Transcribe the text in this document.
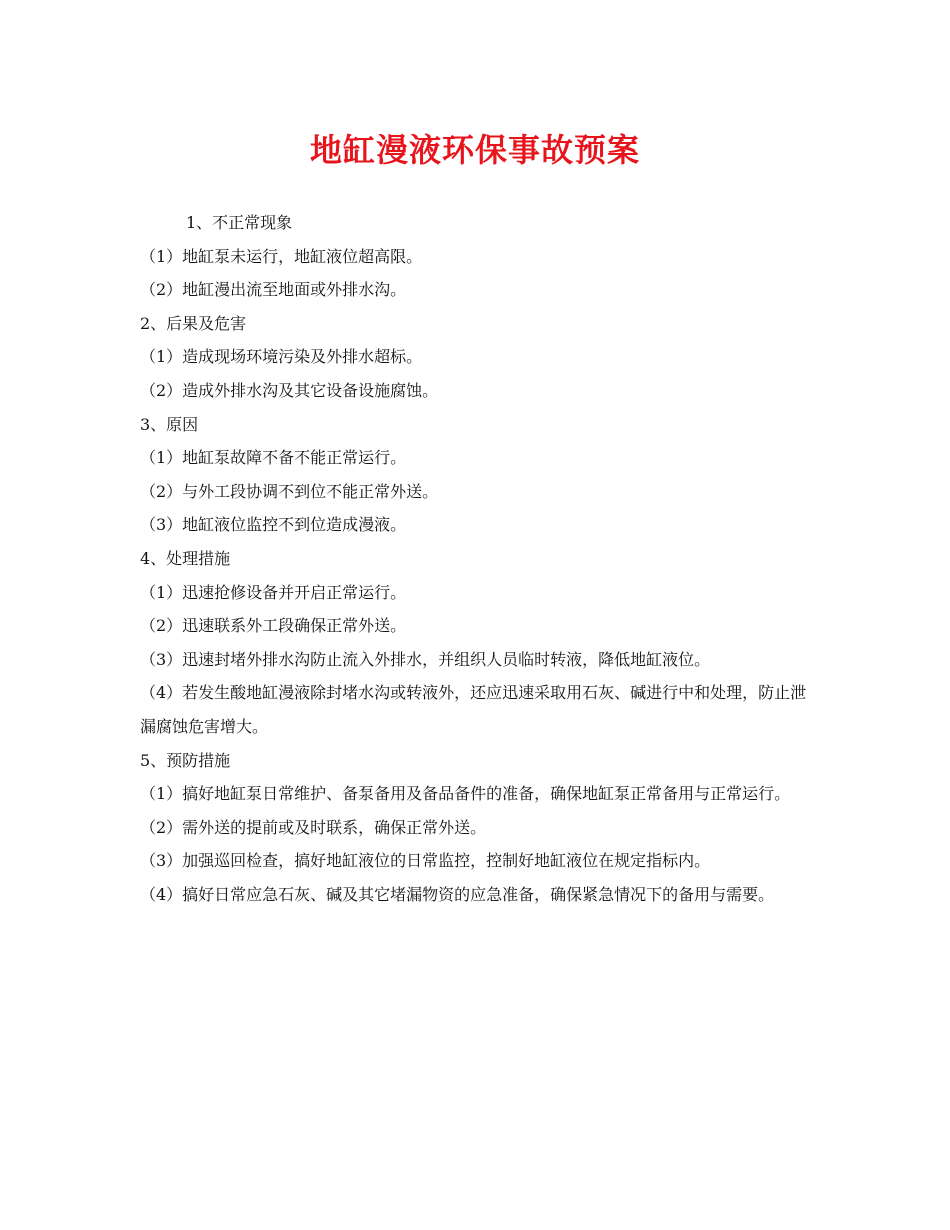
地缸漫液环保事故预案
1、不正常现象
（1）地缸泵未运行，地缸液位超高限。
（2）地缸漫出流至地面或外排水沟。
2、后果及危害
（1）造成现场环境污染及外排水超标。
（2）造成外排水沟及其它设备设施腐蚀。
3、原因
（1）地缸泵故障不备不能正常运行。
（2）与外工段协调不到位不能正常外送。
（3）地缸液位监控不到位造成漫液。
4、处理措施
（1）迅速抢修设备并开启正常运行。
（2）迅速联系外工段确保正常外送。
（3）迅速封堵外排水沟防止流入外排水，并组织人员临时转液，降低地缸液位。
（4）若发生酸地缸漫液除封堵水沟或转液外，还应迅速采取用石灰、碱进行中和处理，防止泄漏腐蚀危害增大。
5、预防措施
（1）搞好地缸泵日常维护、备泵备用及备品备件的准备，确保地缸泵正常备用与正常运行。
（2）需外送的提前或及时联系，确保正常外送。
（3）加强巡回检查，搞好地缸液位的日常监控，控制好地缸液位在规定指标内。
（4）搞好日常应急石灰、碱及其它堵漏物资的应急准备，确保紧急情况下的备用与需要。
